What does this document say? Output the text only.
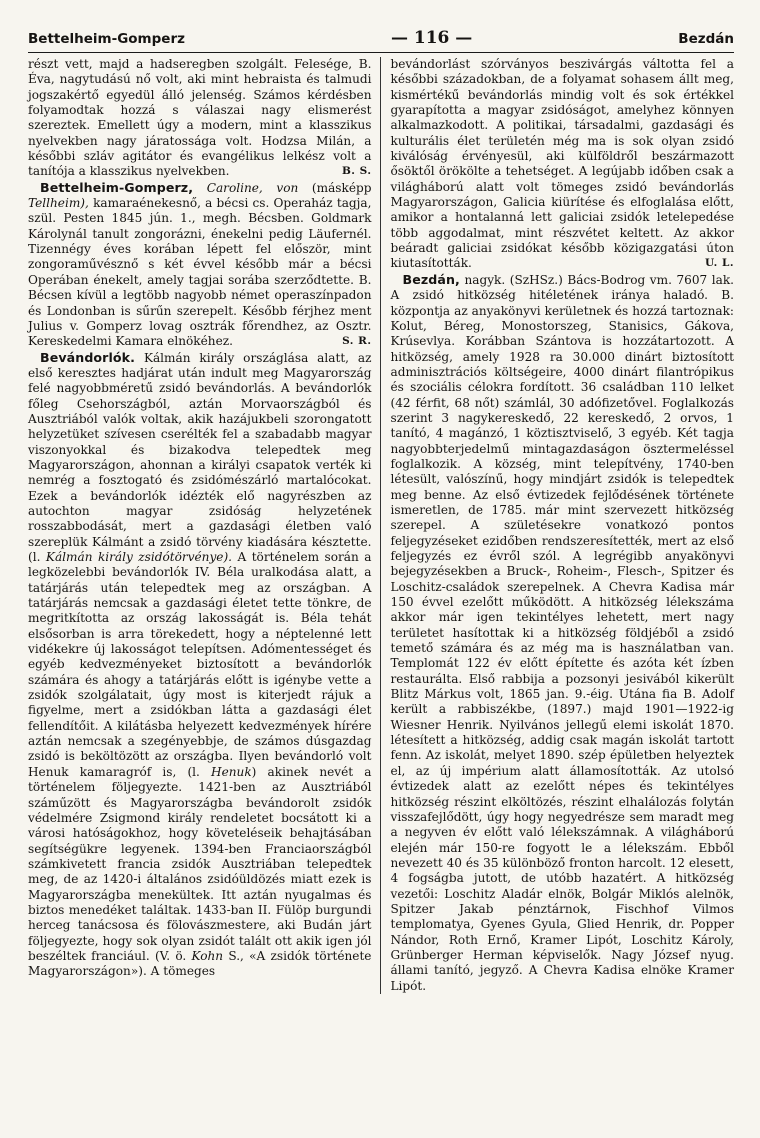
Bettelheim-Gomperz	— 116 —	Bezdán

részt vett, majd a hadseregben szolgált. Felesége, B. Éva, nagytudású nő volt, aki mint hebraista és talmudi jogszakértő egyedül álló jelenség. Számos kérdésben folyamodtak hozzá s válaszai nagy elismerést szereztek. Emellett úgy a modern, mint a klasszikus nyelvekben nagy járatossága volt. Hodzsa Milán, a későbbi szláv agitátor és evangélikus lelkész volt a tanítója a klasszikus nyelvekben.	B. S.

Bettelheim-Gomperz, Caroline, von (másképp Tellheim), kamaraénekesnő, a bécsi cs. Operaház tagja, szül. Pesten 1845 jún. 1., megh. Bécsben. Goldmark Károlynál tanult zongorázni, énekelni pedig Läufernél. Tizennégy éves korában lépett fel először, mint zongoraművésznő s két évvel később már a bécsi Operában énekelt, amely tagjai sorába szerződtette. B. Bécsen kívül a legtöbb nagyobb német operaszínpadon és Londonban is sűrűn szerepelt. Később férjhez ment Julius v. Gomperz lovag osztrák főrendhez, az Osztr. Kereskedelmi Kamara elnökéhez.	S. R.

Bevándorlók. Kálmán király országlása alatt, az első keresztes hadjárat után indult meg Magyarország felé nagyobbméretű zsidó bevándorlás. A bevándorlók főleg Csehországból, aztán Morvaországból és Ausztriából valók voltak, akik hazájukbeli szorongatott helyzetüket szívesen cserélték fel a szabadabb magyar viszonyokkal és bizakodva telepedtek meg Magyarországon, ahonnan a királyi csapatok verték ki nemrég a fosztogató és zsidómészárló martalócokat. Ezek a bevándorlók idézték elő nagyrészben az autochton magyar zsidóság helyzetének rosszabbodását, mert a gazdasági életben való szereplük Kálmánt a zsidó törvény kiadására késztette. (l. Kálmán király zsidótörvénye). A történelem során a legközelebbi bevándorlók IV. Béla uralkodása alatt, a tatárjárás után telepedtek meg az országban. A tatárjárás nemcsak a gazdasági életet tette tönkre, de megritkította az ország lakosságát is. Béla tehát elsősorban is arra törekedett, hogy a néptelenné lett vidékekre új lakosságot telepítsen. Adómentességet és egyéb kedvezményeket biztosított a bevándorlók számára és ahogy a tatárjárás előtt is igénybe vette a zsidók szolgálatait, úgy most is kiterjedt rájuk a figyelme, mert a zsidókban látta a gazdasági élet fellendítőit. A kilátásba helyezett kedvezmények hírére aztán nemcsak a szegényebbje, de számos dúsgazdag zsidó is beköltözött az országba. Ilyen bevándorló volt Henuk kamaragróf is, (l. Henuk) akinek nevét a történelem följegyezte. 1421-ben az Ausztriából száműzött és Magyarországba bevándorolt zsidók védelmére Zsigmond király rendeletet bocsátott ki a városi hatóságokhoz, hogy követeléseik behajtásában segítségükre legyenek. 1394-ben Franciaországból számkivetett francia zsidók Ausztriában telepedtek meg, de az 1420-i általános zsidóüldözés miatt ezek is Magyarországba menekültek. Itt aztán nyugalmas és biztos menedéket találtak. 1433-ban II. Fülöp burgundi herceg tanácsosa és fölovászmestere, aki Budán járt följegyezte, hogy sok olyan zsidót talált ott akik igen jól beszéltek franciául. (V. ö. Kohn S., «A zsidók története Magyarországon»). A tömeges

bevándorlást szórványos beszivárgás váltotta fel a későbbi századokban, de a folyamat sohasem állt meg, kismértékű bevándorlás mindig volt és sok értékkel gyarapította a magyar zsidóságot, amelyhez könnyen alkalmazkodott. A politikai, társadalmi, gazdasági és kulturális élet területén még ma is sok olyan zsidó kiválóság érvényesül, aki külföldről beszármazott ősöktől örökölte a tehetséget. A legújabb időben csak a világháború alatt volt tömeges zsidó bevándorlás Magyarországon, Galicia kiürítése és elfoglalása előtt, amikor a hontalanná lett galiciai zsidók letelepedése több aggodalmat, mint részvétet keltett. Az akkor beáradt galiciai zsidókat később közigazgatási úton kiutasították.	U. L.

Bezdán, nagyk. (SzHSz.) Bács-Bodrog vm. 7607 lak. A zsidó hitközség hitéletének iránya haladó. B. központja az anyakönyvi kerületnek és hozzá tartoznak: Kolut, Béreg, Monostorszeg, Stanisics, Gákova, Krúsevlya. Korábban Szántova is hozzátartozott. A hitközség, amely 1928 ra 30.000 dinárt biztosított adminisztrációs költségeire, 4000 dinárt filantrópikus és szociális célokra fordított. 36 családban 110 lelket (42 férfit, 68 nőt) számlál, 30 adófizetővel. Foglalkozás szerint 3 nagykereskedő, 22 kereskedő, 2 orvos, 1 tanító, 4 magánzó, 1 köztisztviselő, 3 egyéb. Két tagja nagyobbterjedelmű mintagazdaságon ösztermeléssel foglalkozik. A község, mint telepítvény, 1740-ben létesült, valószínű, hogy mindjárt zsidók is telepedtek meg benne. Az első évtizedek fejlődésének története ismeretlen, de 1785. már mint szervezett hitközség szerepel. A születésekre vonatkozó pontos feljegyzéseket ezidőben rendszeresítették, mert az első feljegyzés ez évről szól. A legrégibb anyakönyvi bejegyzésekben a Bruck-, Roheim-, Flesch-, Spitzer és Loschitz-családok szerepelnek. A Chevra Kadisa már 150 évvel ezelőtt működött. A hitközség lélekszáma akkor már igen tekintélyes lehetett, mert nagy területet hasítottak ki a hitközség földjéből a zsidó temető számára és az még ma is használatban van. Templomát 122 év előtt építette és azóta két ízben restaurálta. Első rabbija a pozsonyi jesivából kikerült Blitz Márkus volt, 1865 jan. 9.-éig. Utána fia B. Adolf került a rabbiszékbe, (1897.) majd 1901—1922-ig Wiesner Henrik. Nyilvános jellegű elemi iskolát 1870. létesített a hitközség, addig csak magán iskolát tartott fenn. Az iskolát, melyet 1890. szép épületben helyeztek el, az új impérium alatt államosították. Az utolsó évtizedek alatt az ezelőtt népes és tekintélyes hitközség részint elköltözés, részint elhalálozás folytán visszafejlődött, úgy hogy negyedrésze sem maradt meg a negyven év előtt való lélekszámnak. A világháború elején már 150-re fogyott le a lélekszám. Ebből nevezett 40 és 35 különböző fronton harcolt. 12 elesett, 4 fogságba jutott, de utóbb hazatért. A hitközség vezetői: Loschitz Aladár elnök, Bolgár Miklós alelnök, Spitzer Jakab pénztárnok, Fischhof Vilmos templomatya, Gyenes Gyula, Glied Henrik, dr. Popper Nándor, Roth Ernő, Kramer Lipót, Loschitz Károly, Grünberger Herman képviselők. Nagy József nyug. állami tanító, jegyző. A Chevra Kadisa elnöke Kramer Lipót.
